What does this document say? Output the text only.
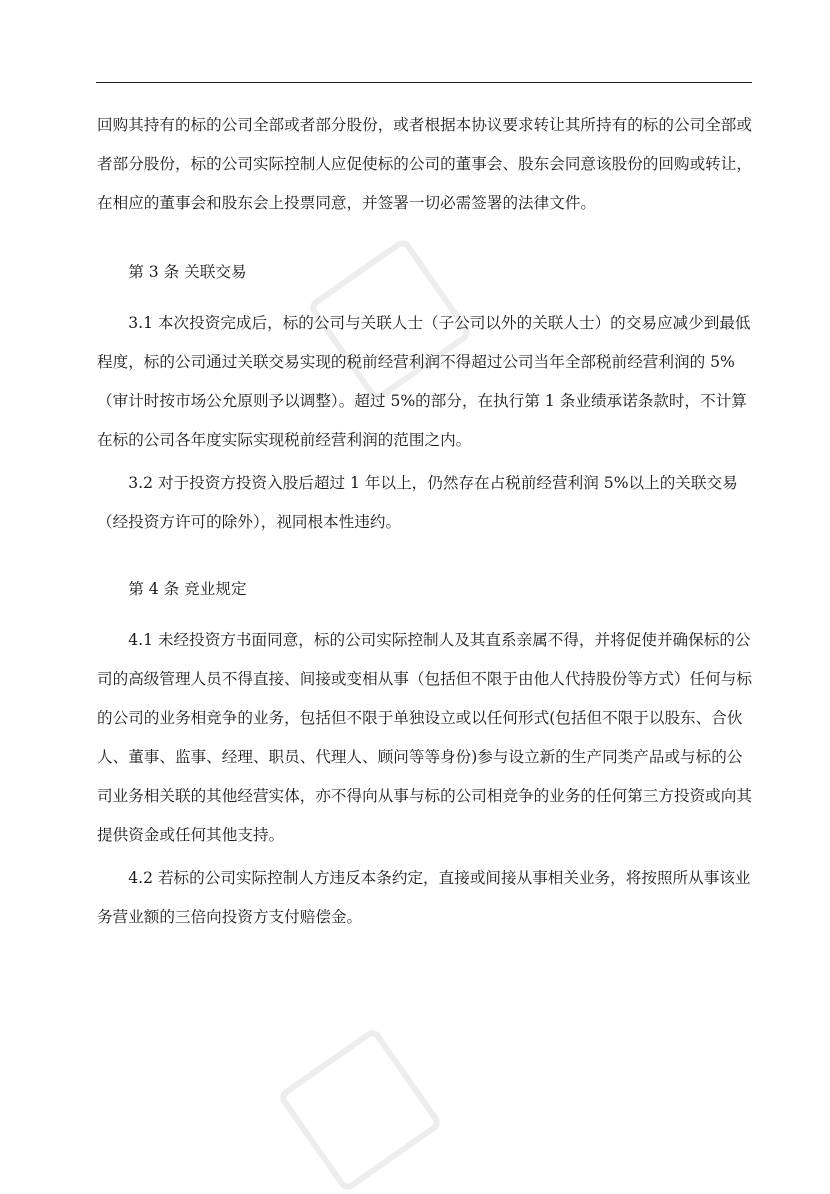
回购其持有的标的公司全部或者部分股份，或者根据本协议要求转让其所持有的标的公司全部或者部分股份，标的公司实际控制人应促使标的公司的董事会、股东会同意该股份的回购或转让，在相应的董事会和股东会上投票同意，并签署一切必需签署的法律文件。

第 3 条 关联交易

3.1 本次投资完成后，标的公司与关联人士（子公司以外的关联人士）的交易应减少到最低程度，标的公司通过关联交易实现的税前经营利润不得超过公司当年全部税前经营利润的 5%（审计时按市场公允原则予以调整）。超过 5%的部分，在执行第 1 条业绩承诺条款时，不计算在标的公司各年度实际实现税前经营利润的范围之内。

3.2 对于投资方投资入股后超过 1 年以上，仍然存在占税前经营利润 5%以上的关联交易（经投资方许可的除外），视同根本性违约。

第 4 条 竞业规定

4.1 未经投资方书面同意，标的公司实际控制人及其直系亲属不得，并将促使并确保标的公司的高级管理人员不得直接、间接或变相从事（包括但不限于由他人代持股份等方式）任何与标的公司的业务相竞争的业务，包括但不限于单独设立或以任何形式(包括但不限于以股东、合伙人、董事、监事、经理、职员、代理人、顾问等等身份)参与设立新的生产同类产品或与标的公司业务相关联的其他经营实体，亦不得向从事与标的公司相竞争的业务的任何第三方投资或向其提供资金或任何其他支持。

4.2 若标的公司实际控制人方违反本条约定，直接或间接从事相关业务，将按照所从事该业务营业额的三倍向投资方支付赔偿金。
